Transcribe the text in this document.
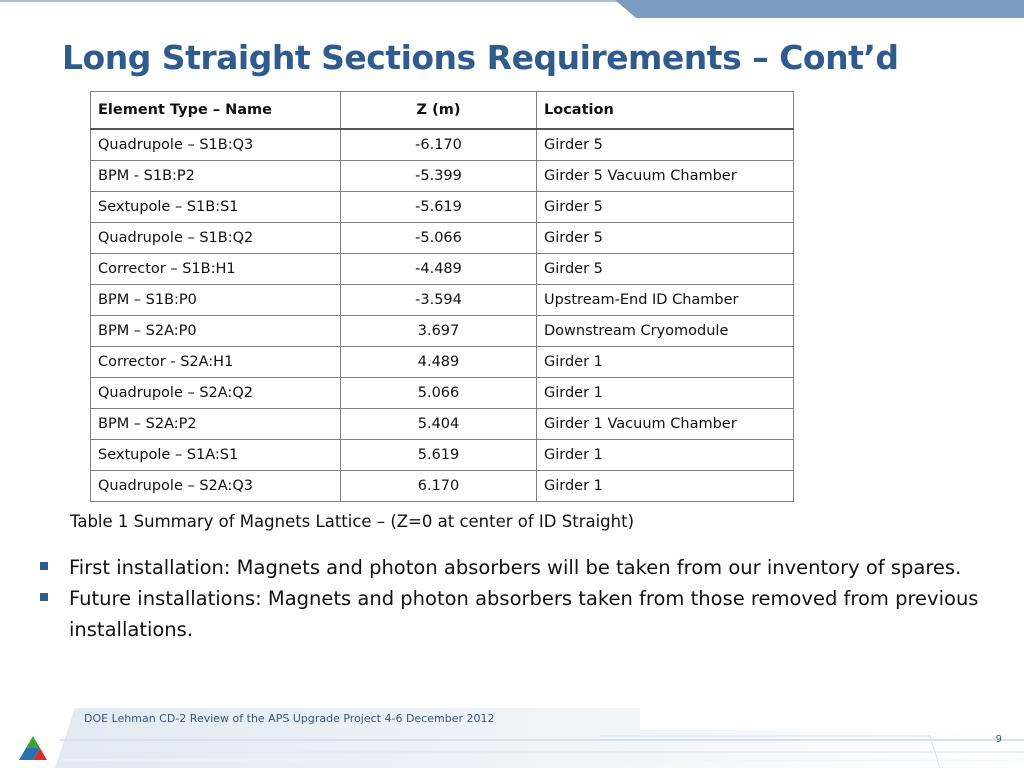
Long Straight Sections Requirements – Cont’d
Element Type – Name	Z (m)	Location
Quadrupole – S1B:Q3	-6.170	Girder 5
BPM - S1B:P2	-5.399	Girder 5 Vacuum Chamber
Sextupole – S1B:S1	-5.619	Girder 5
Quadrupole – S1B:Q2	-5.066	Girder 5
Corrector – S1B:H1	-4.489	Girder 5
BPM – S1B:P0	-3.594	Upstream-End ID Chamber
BPM – S2A:P0	3.697	Downstream Cryomodule
Corrector - S2A:H1	4.489	Girder 1
Quadrupole – S2A:Q2	5.066	Girder 1
BPM – S2A:P2	5.404	Girder 1 Vacuum Chamber
Sextupole – S1A:S1	5.619	Girder 1
Quadrupole – S2A:Q3	6.170	Girder 1

Table 1 Summary of Magnets Lattice – (Z=0 at center of ID Straight)

First installation: Magnets and photon absorbers will be taken from our inventory of spares.
Future installations: Magnets and photon absorbers taken from those removed from previous installations.

DOE Lehman CD-2 Review of the APS Upgrade Project 4-6 December 2012

9
